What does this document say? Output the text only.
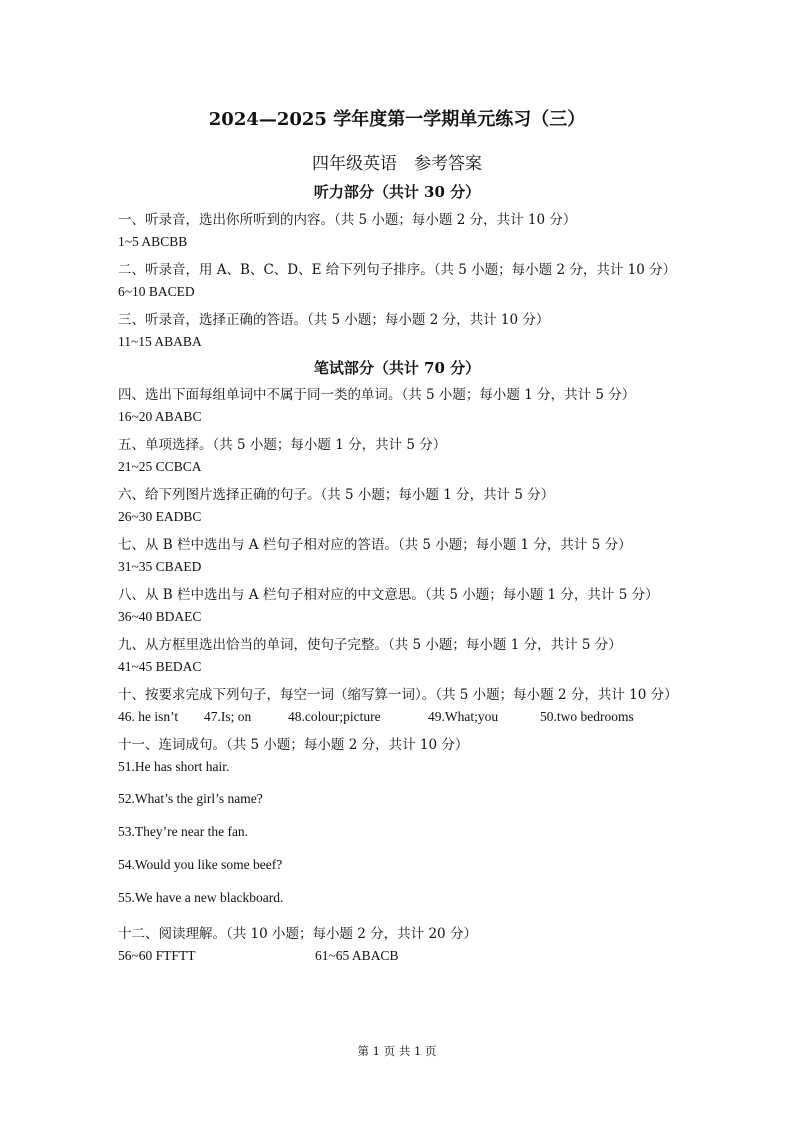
2024—2025 学年度第一学期单元练习（三）
四年级英语　参考答案
听力部分（共计 30 分）
一、听录音，选出你所听到的内容。（共 5 小题；每小题 2 分，共计 10 分）
1~5 ABCBB
二、听录音，用 A、B、C、D、E 给下列句子排序。（共 5 小题；每小题 2 分，共计 10 分）
6~10 BACED
三、听录音，选择正确的答语。（共 5 小题；每小题 2 分，共计 10 分）
11~15 ABABA
笔试部分（共计 70 分）
四、选出下面每组单词中不属于同一类的单词。（共 5 小题；每小题 1 分，共计 5 分）
16~20 ABABC
五、单项选择。（共 5 小题；每小题 1 分，共计 5 分）
21~25 CCBCA
六、给下列图片选择正确的句子。（共 5 小题；每小题 1 分，共计 5 分）
26~30 EADBC
七、从 B 栏中选出与 A 栏句子相对应的答语。（共 5 小题；每小题 1 分，共计 5 分）
31~35 CBAED
八、从 B 栏中选出与 A 栏句子相对应的中文意思。（共 5 小题；每小题 1 分，共计 5 分）
36~40 BDAEC
九、从方框里选出恰当的单词，使句子完整。（共 5 小题；每小题 1 分，共计 5 分）
41~45 BEDAC
十、按要求完成下列句子，每空一词（缩写算一词）。（共 5 小题；每小题 2 分，共计 10 分）
46. he isn’t 47.Is; on	48.colour;picture	49.What;you	50.two bedrooms
十一、连词成句。（共 5 小题；每小题 2 分，共计 10 分）
51.He has short hair.
52.What’s the girl’s name?
53.They’re near the fan.
54.Would you like some beef?
55.We have a new blackboard.
十二、阅读理解。（共 10 小题；每小题 2 分，共计 20 分）
56~60 FTFTT	61~65 ABACB
第 1 页 共 1 页
